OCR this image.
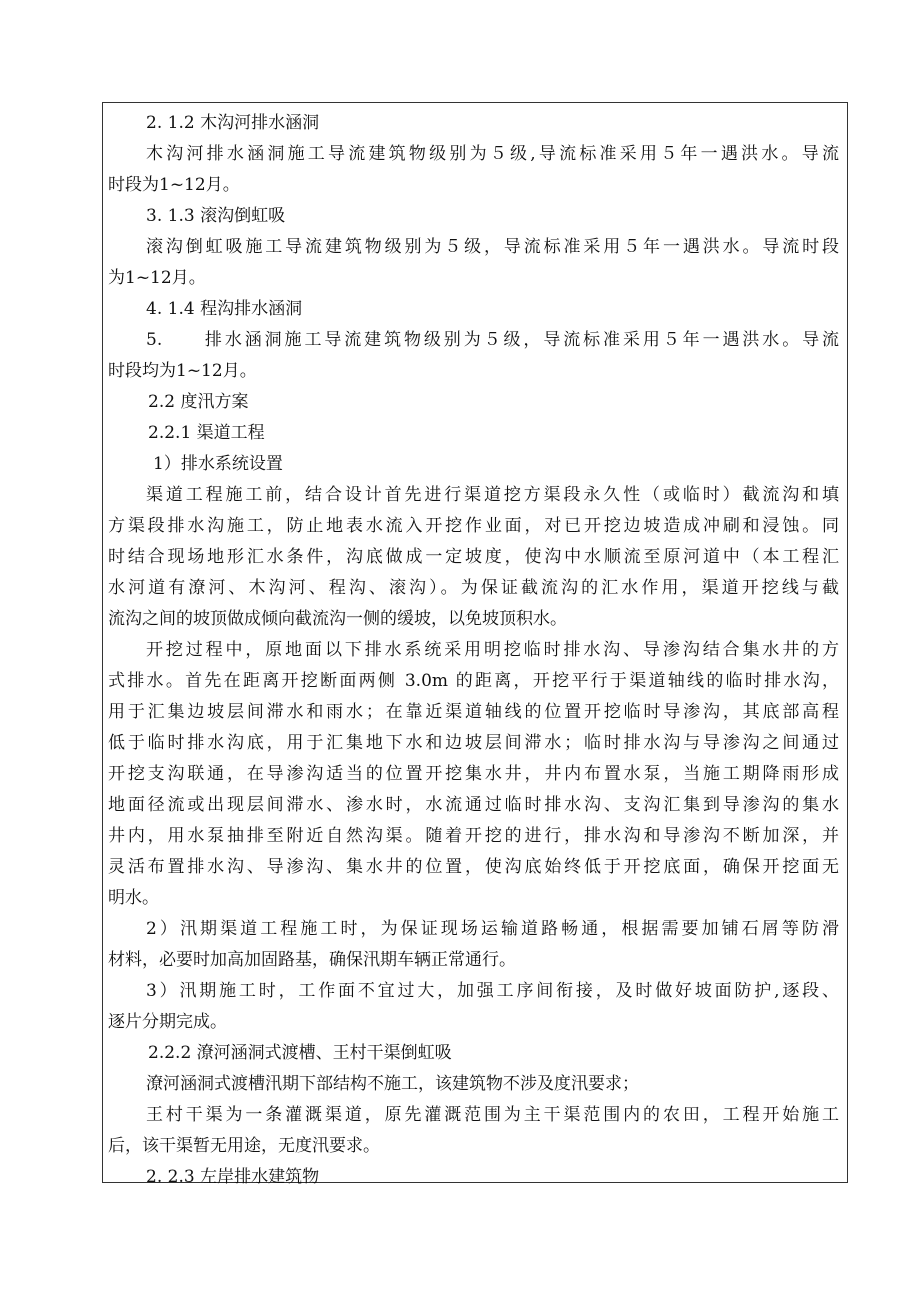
2. 1.2 木沟河排水涵洞

木沟河排水涵洞施工导流建筑物级别为５级,导流标准采用５年一遇洪水。导流

时段为1~12月。

3. 1.3 滚沟倒虹吸

滚沟倒虹吸施工导流建筑物级别为５级，导流标准采用５年一遇洪水。导流时段

为1~12月。

4. 1.4 程沟排水涵洞

5.　　排水涵洞施工导流建筑物级别为５级，导流标准采用５年一遇洪水。导流

时段均为1~12月。

2.2 度汛方案

2.2.1 渠道工程

1）排水系统设置

渠道工程施工前，结合设计首先进行渠道挖方渠段永久性（或临时）截流沟和填

方渠段排水沟施工，防止地表水流入开挖作业面，对已开挖边坡造成冲刷和浸蚀。同

时结合现场地形汇水条件，沟底做成一定坡度，使沟中水顺流至原河道中（本工程汇

水河道有潦河、木沟河、程沟、滚沟）。为保证截流沟的汇水作用，渠道开挖线与截

流沟之间的坡顶做成倾向截流沟一侧的缓坡，以免坡顶积水。

开挖过程中，原地面以下排水系统采用明挖临时排水沟、导渗沟结合集水井的方

式排水。首先在距离开挖断面两侧 3.0m 的距离，开挖平行于渠道轴线的临时排水沟，

用于汇集边坡层间滞水和雨水；在靠近渠道轴线的位置开挖临时导渗沟，其底部高程

低于临时排水沟底，用于汇集地下水和边坡层间滞水；临时排水沟与导渗沟之间通过

开挖支沟联通，在导渗沟适当的位置开挖集水井，井内布置水泵，当施工期降雨形成

地面径流或出现层间滞水、渗水时，水流通过临时排水沟、支沟汇集到导渗沟的集水

井内，用水泵抽排至附近自然沟渠。随着开挖的进行，排水沟和导渗沟不断加深，并

灵活布置排水沟、导渗沟、集水井的位置，使沟底始终低于开挖底面，确保开挖面无

明水。

2）汛期渠道工程施工时，为保证现场运输道路畅通，根据需要加铺石屑等防滑

材料，必要时加高加固路基，确保汛期车辆正常通行。

3）汛期施工时，工作面不宜过大，加强工序间衔接，及时做好坡面防护,逐段、

逐片分期完成。

2.2.2 潦河涵洞式渡槽、王村干渠倒虹吸

潦河涵洞式渡槽汛期下部结构不施工，该建筑物不涉及度汛要求；

王村干渠为一条灌溉渠道，原先灌溉范围为主干渠范围内的农田，工程开始施工

后，该干渠暂无用途，无度汛要求。

2. 2.3 左岸排水建筑物
